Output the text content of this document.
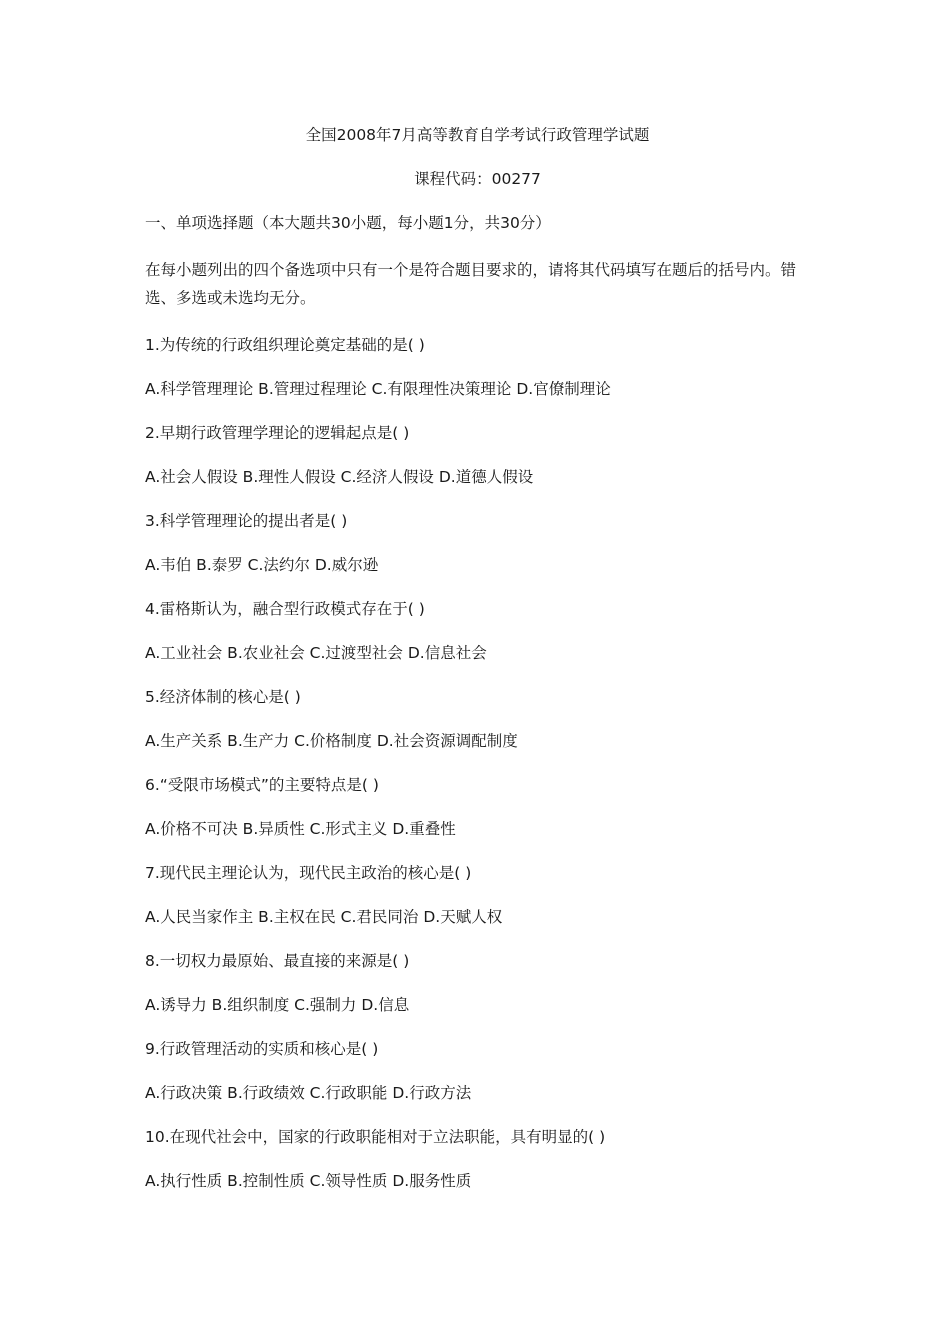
全国2008年7月高等教育自学考试行政管理学试题

课程代码：00277

一、单项选择题（本大题共30小题，每小题1分，共30分）

在每小题列出的四个备选项中只有一个是符合题目要求的，请将其代码填写在题后的括号内。错选、多选或未选均无分。

1.为传统的行政组织理论奠定基础的是( )

A.科学管理理论 B.管理过程理论 C.有限理性决策理论 D.官僚制理论

2.早期行政管理学理论的逻辑起点是( )

A.社会人假设 B.理性人假设 C.经济人假设 D.道德人假设

3.科学管理理论的提出者是( )

A.韦伯 B.泰罗 C.法约尔 D.威尔逊

4.雷格斯认为，融合型行政模式存在于( )

A.工业社会 B.农业社会 C.过渡型社会 D.信息社会

5.经济体制的核心是( )

A.生产关系 B.生产力 C.价格制度 D.社会资源调配制度

6.“受限市场模式”的主要特点是( )

A.价格不可决 B.异质性 C.形式主义 D.重叠性

7.现代民主理论认为，现代民主政治的核心是( )

A.人民当家作主 B.主权在民 C.君民同治 D.天赋人权

8.一切权力最原始、最直接的来源是( )

A.诱导力 B.组织制度 C.强制力 D.信息

9.行政管理活动的实质和核心是( )

A.行政决策 B.行政绩效 C.行政职能 D.行政方法

10.在现代社会中，国家的行政职能相对于立法职能，具有明显的( )

A.执行性质 B.控制性质 C.领导性质 D.服务性质
